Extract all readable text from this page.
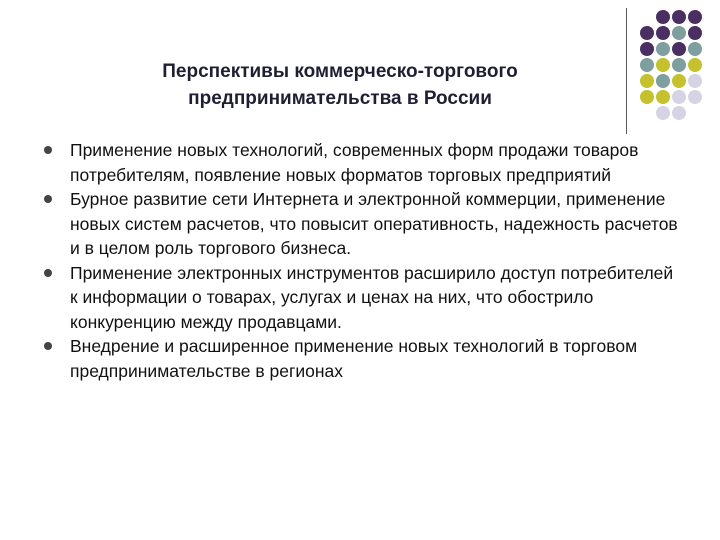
Перспективы коммерческо-торгового
предпринимательства в России
Применение новых технологий, современных форм продажи товаров потребителям, появление новых форматов торговых предприятий
Бурное развитие сети Интернета и электронной коммерции, применение новых систем расчетов, что повысит оперативность, надежность расчетов и в целом роль торгового бизнеса.
Применение электронных инструментов расширило доступ потребителей к информации о товарах, услугах и ценах на них, что обострило конкуренцию между продавцами.
Внедрение и расширенное применение новых технологий в торговом предпринимательстве в регионах
